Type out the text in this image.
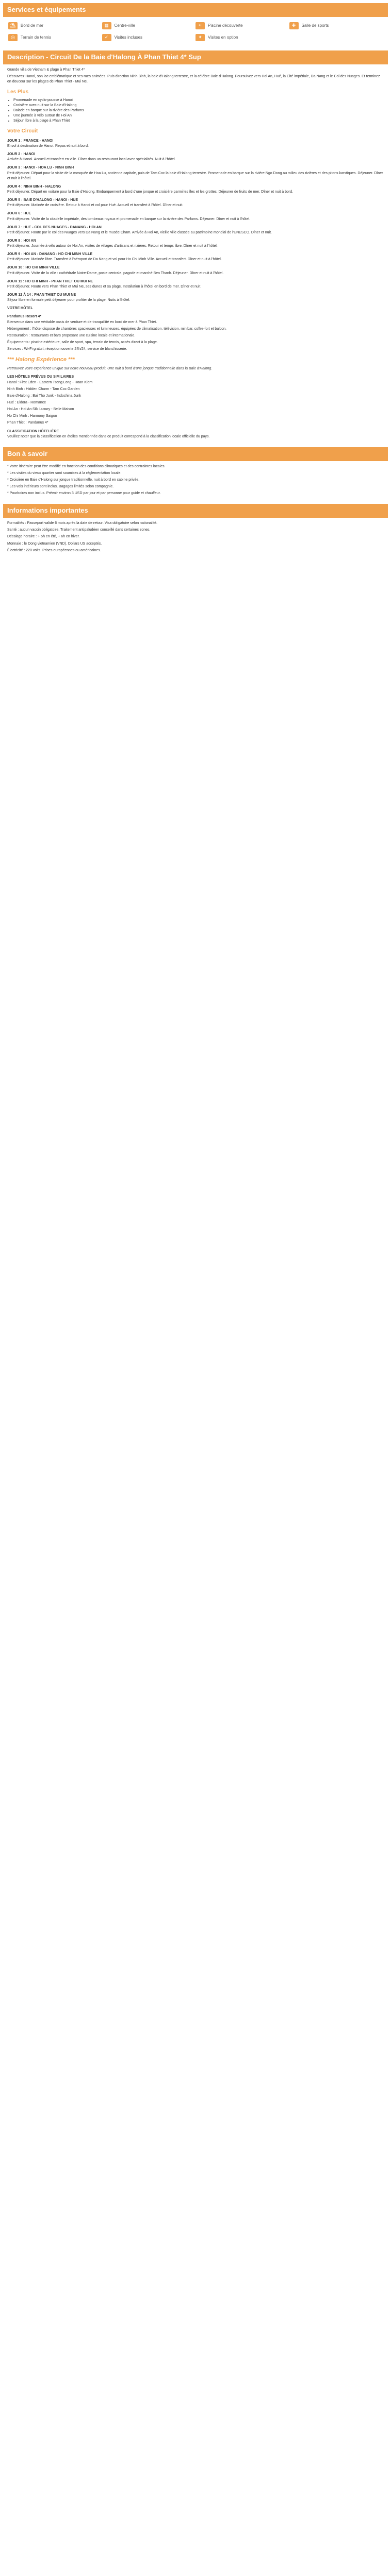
Services et équipements
⛱	Bord de mer	▦	Centre-ville	≈	Piscine découverte	✚	Salle de sports
◎	Terrain de tennis	✓	Visites incluses	✦	Visites en option
Description - Circuit De la Baie d'Halong À Phan Thiet 4* Sup

Grande villa de Vietnam & plage à Phan Thiet 4*

Découvrez Hanoi, son lac emblématique et ses rues animées. Puis direction Ninh Binh, la baie d'Halong terrestre, et la célèbre Baie d'Halong. Poursuivez vers Hoi An, Hué, la Cité impériale, Da Nang et le Col des Nuages. Et terminez en douceur sur les plages de Phan Thiet - Mui Ne.

Les Plus
• Promenade en cyclo-pousse à Hanoi
• Croisière avec nuit sur la Baie d'Halong
• Balade en barque sur la rivière des Parfums
• Une journée à vélo autour de Hoi An
• Séjour libre à la plage à Phan Thiet
Votre Circuit
JOUR 1 : FRANCE - HANOI

Envol à destination de Hanoi. Repas et nuit à bord.

JOUR 2 : HANOI

Arrivée à Hanoi. Accueil et transfert en ville. Dîner dans un restaurant local avec spécialités. Nuit à l'hôtel.

JOUR 3 : HANOI - HOA LU - NINH BINH

Petit déjeuner. Départ pour la visite de la mosquée de Hoa Lu, ancienne capitale, puis de Tam Coc la baie d'Halong terrestre. Promenade en barque sur la rivière Ngo Dong au milieu des rizières et des pitons karstiques. Déjeuner. Dîner et nuit à l'hôtel.

JOUR 4 : NINH BINH - HALONG

Petit déjeuner. Départ en voiture pour la Baie d'Halong. Embarquement à bord d'une jonque et croisière parmi les îles et les grottes. Déjeuner de fruits de mer. Dîner et nuit à bord.

JOUR 5 : BAIE D'HALONG - HANOI - HUE

Petit déjeuner. Matinée de croisière. Retour à Hanoi et vol pour Hué. Accueil et transfert à l'hôtel. Dîner et nuit.

JOUR 6 : HUE

Petit déjeuner. Visite de la citadelle impériale, des tombeaux royaux et promenade en barque sur la rivière des Parfums. Déjeuner. Dîner et nuit à l'hôtel.

JOUR 7 : HUE - COL DES NUAGES - DANANG - HOI AN

Petit déjeuner. Route par le col des Nuages vers Da Nang et le musée Cham. Arrivée à Hoi An, vieille ville classée au patrimoine mondial de l'UNESCO. Dîner et nuit.

JOUR 8 : HOI AN

Petit déjeuner. Journée à vélo autour de Hoi An, visites de villages d'artisans et rizières. Retour et temps libre. Dîner et nuit à l'hôtel.

JOUR 9 : HOI AN - DANANG - HO CHI MINH VILLE

Petit déjeuner. Matinée libre. Transfert à l'aéroport de Da Nang et vol pour Ho Chi Minh Ville. Accueil et transfert. Dîner et nuit à l'hôtel.

JOUR 10 : HO CHI MINH VILLE

Petit déjeuner. Visite de la ville : cathédrale Notre-Dame, poste centrale, pagode et marché Ben Thanh. Déjeuner. Dîner et nuit à l'hôtel.

JOUR 11 : HO CHI MINH - PHAN THIET OU MUI NE

Petit déjeuner. Route vers Phan Thiet et Mui Ne, ses dunes et sa plage. Installation à l'hôtel en bord de mer. Dîner et nuit.

JOUR 12 À 14 : PHAN THIET OU MUI NE

Séjour libre en formule petit déjeuner pour profiter de la plage. Nuits à l'hôtel.

VOTRE HÔTEL
Pandanus Resort 4*

Bienvenue dans une véritable oasis de verdure et de tranquillité en bord de mer à Phan Thiet.

Hébergement : l'hôtel dispose de chambres spacieuses et lumineuses, équipées de climatisation, télévision, minibar, coffre-fort et balcon.

Restauration : restaurants et bars proposant une cuisine locale et internationale.

Équipements : piscine extérieure, salle de sport, spa, terrain de tennis, accès direct à la plage.

Services : Wi-Fi gratuit, réception ouverte 24h/24, service de blanchisserie.

*** Halong Expérience ***

Retrouvez votre expérience unique sur notre nouveau produit. Une nuit à bord d'une jonque traditionnelle dans la Baie d'Halong.

LES HÔTELS PRÉVUS OU SIMILAIRES

Hanoi : First Eden - Eastern Tsong Long - Hoan Kiem

Ninh Binh : Hidden Charm - Tam Coc Garden

Baie d'Halong : Bai Tho Junk - Indochina Junk

Hué : Eldora - Romance

Hoi An : Hoi An Silk Luxury - Belle Maison

Ho Chi Minh : Harmony Saigon

Phan Thiet : Pandanus 4*

CLASSIFICATION HÔTELIÈRE

Veuillez noter que la classification en étoiles mentionnée dans ce produit correspond à la classification locale officielle du pays.

Bon à savoir

* Votre itinéraire peut être modifié en fonction des conditions climatiques et des contraintes locales.

* Les visites du vieux quartier sont soumises à la réglementation locale.

* Croisière en Baie d'Halong sur jonque traditionnelle, nuit à bord en cabine privée.

* Les vols intérieurs sont inclus. Bagages limités selon compagnie.

* Pourboires non inclus. Prévoir environ 3 USD par jour et par personne pour guide et chauffeur.

Informations importantes

Formalités : Passeport valide 6 mois après la date de retour. Visa obligatoire selon nationalité.

Santé : aucun vaccin obligatoire. Traitement antipaludéen conseillé dans certaines zones.

Décalage horaire : + 5h en été, + 6h en hiver.

Monnaie : le Dong vietnamien (VND). Dollars US acceptés.

Électricité : 220 volts. Prises européennes ou américaines.
